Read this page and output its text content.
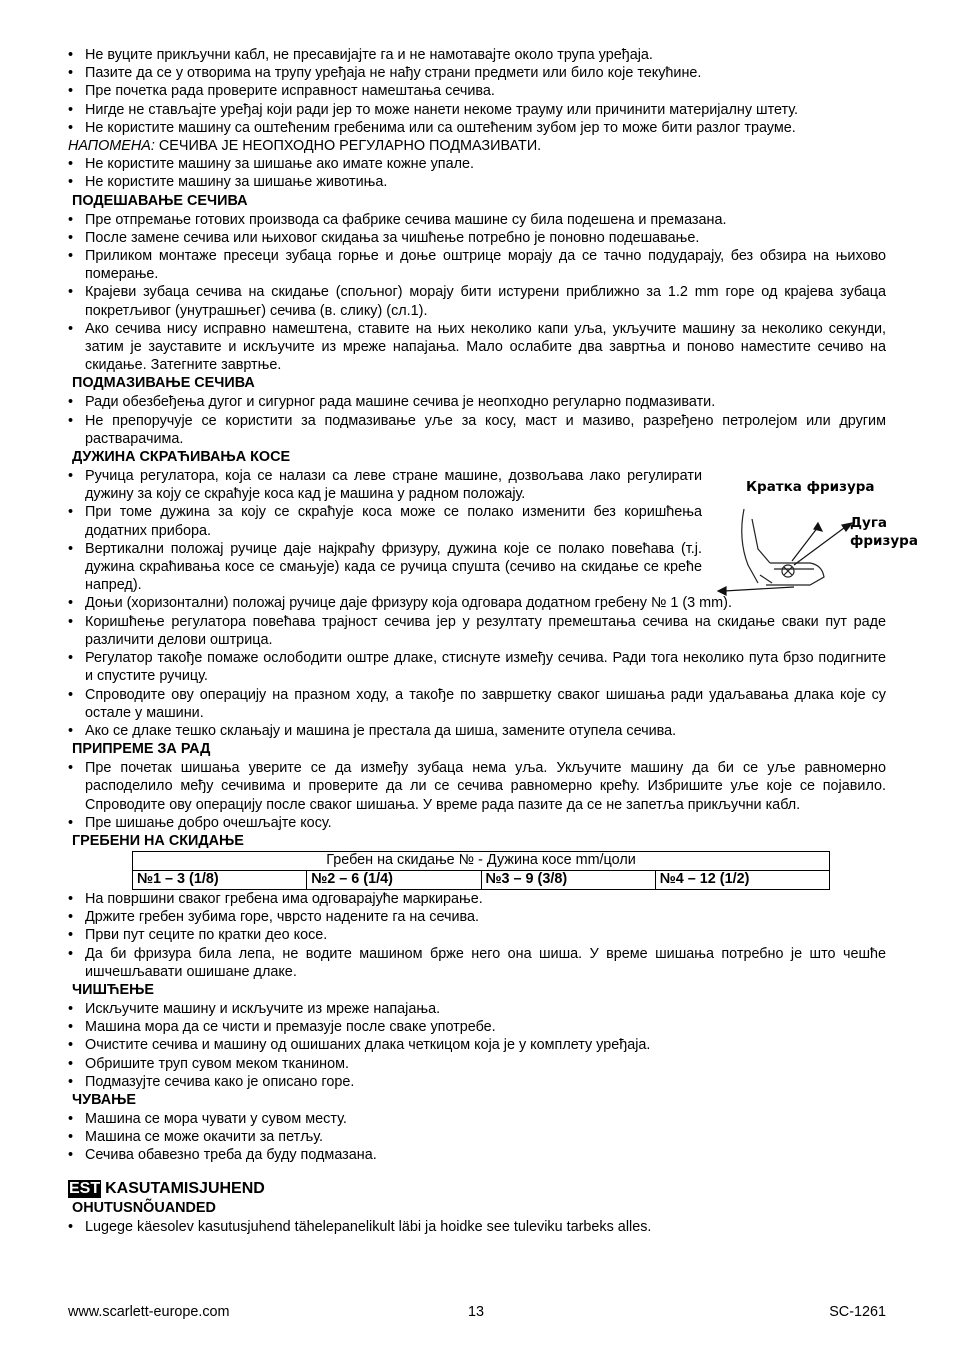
• Не вуците прикључни кабл, не пресавијајте га и не намотавајте около трупа уређаја.
• Пазите да се у отворима на трупу уређаја не нађу страни предмети или било које текућине.
• Пре почетка рада проверите исправност намештања сечива.
• Нигде не стављајте уређај који ради јер то може нанети некоме трауму или причинити материјалну штету.
• Не користите машину са оштећеним гребенима или са оштећеним зубом јер то може бити разлог трауме.
НАПОМЕНА: СЕЧИВА ЈЕ НЕОПХОДНО РЕГУЛАРНО ПОДМАЗИВАТИ.
• Не користите машину за шишање ако имате кожне упале.
• Не користите машину за шишање животиња.
ПОДЕШАВАЊЕ СЕЧИВА
• Пре отпремање готових производа са фабрике сечива машине су била подешена и премазана.
• После замене сечива или њиховог скидања за чишћење потребно је поновно подешавање.
• Приликом монтаже пресеци зубаца горње и доње оштрице морају да се тачно подударају, без обзира на њихово померање.
• Крајеви зубаца сечива на скидање (спољног) морају бити истурени приближно за 1.2 mm горе од крајева зубаца покретљивог (унутрашњег) сечива (в. слику) (сл.1).
• Ако сечива нису исправно намештена, ставите на њих неколико капи уља, укључите машину за неколико секунди, затим је зауставите и искључите из мреже напајања. Мало ослабите два завртња и поново наместите сечиво на скидање. Затегните завртње.
ПОДМАЗИВАЊЕ СЕЧИВА
• Ради обезбеђења дугог и сигурног рада машине сечива је неопходно регуларно подмазивати.
• Не препоручује се користити за подмазивање уље за косу, маст и мазиво, разређено петролејом или другим растварачима.
ДУЖИНА СКРАЋИВАЊА КОСЕ
• Ручица регулатора, која се налази са леве стране машине, дозвољава лако регулирати дужину за коју се скраћује коса кад је машина у радном положају.
• При томе дужина за коју се скраћује коса може се полако изменити без коришћења додатних прибора.
• Вертикални положај ручице даје најкраћу фризуру, дужина које се полако повећава (т.ј. дужина скраћивања косе се смањује) када се ручица спушта (сечиво на скидање се креће напред).
Кратка фризура
Дуга
фризура
• Доњи (хоризонтални) положај ручице даје фризуру која одговара додатном гребену № 1 (3 mm).
• Коришћење регулатора повећава трајност сечива јер у резултату премештања сечива на скидање сваки пут раде различити делови оштрица.
• Регулатор такође помаже ослободити оштре длаке, стиснуте између сечива. Ради тога неколико пута брзо подигните и спустите ручицу.
• Спроводите ову операцију на празном ходу, а такође по завршетку сваког шишања ради удаљавања длака које су остале у машини.
• Ако се длаке тешко склањају и машина је престала да шиша, замените отупела сечива.
ПРИПРЕМЕ ЗА РАД
• Пре почетак шишања уверите се да између зубаца нема уља. Укључите машину да би се уље равномерно расподелило међу сечивима и проверите да ли се сечива равномерно крећу. Избришите уље које се појавило. Спроводите ову операцију после сваког шишања. У време рада пазите да се не запетља прикључни кабл.
• Пре шишање добро очешљајте косу.
ГРЕБЕНИ НА СКИДАЊЕ
Гребен на скидање № - Дужина косе mm/цоли
№1 – 3 (1/8)	№2 – 6 (1/4)	№3 – 9 (3/8)	№4 – 12 (1/2)
• На површини сваког гребена има одговарајуће маркирање.
• Држите гребен зубима горе, чврсто надените га на сечива.
• Први пут сеците по кратки део косе.
• Да би фризура била лепа, не водите машином брже него она шиша. У време шишања потребно је што чешће ишчешљавати ошишане длаке.
ЧИШЋЕЊЕ
• Искључите машину и искључите из мреже напајања.
• Машина мора да се чисти и премазује после сваке употребе.
• Очистите сечива и машину од ошишаних длака четкицом која је у комплету уређаја.
• Обришите труп сувом меком тканином.
• Подмазујте сечива како је описано горе.
ЧУВАЊЕ
• Машина се мора чувати у сувом месту.
• Машина се може окачити за петљу.
• Сечива обавезно треба да буду подмазана.
EST KASUTAMISJUHEND
OHUTUSNÕUANDED
• Lugege käesolev kasutusjuhend tähelepanelikult läbi ja hoidke see tuleviku tarbeks alles.
www.scarlett-europe.com	13	SC-1261
